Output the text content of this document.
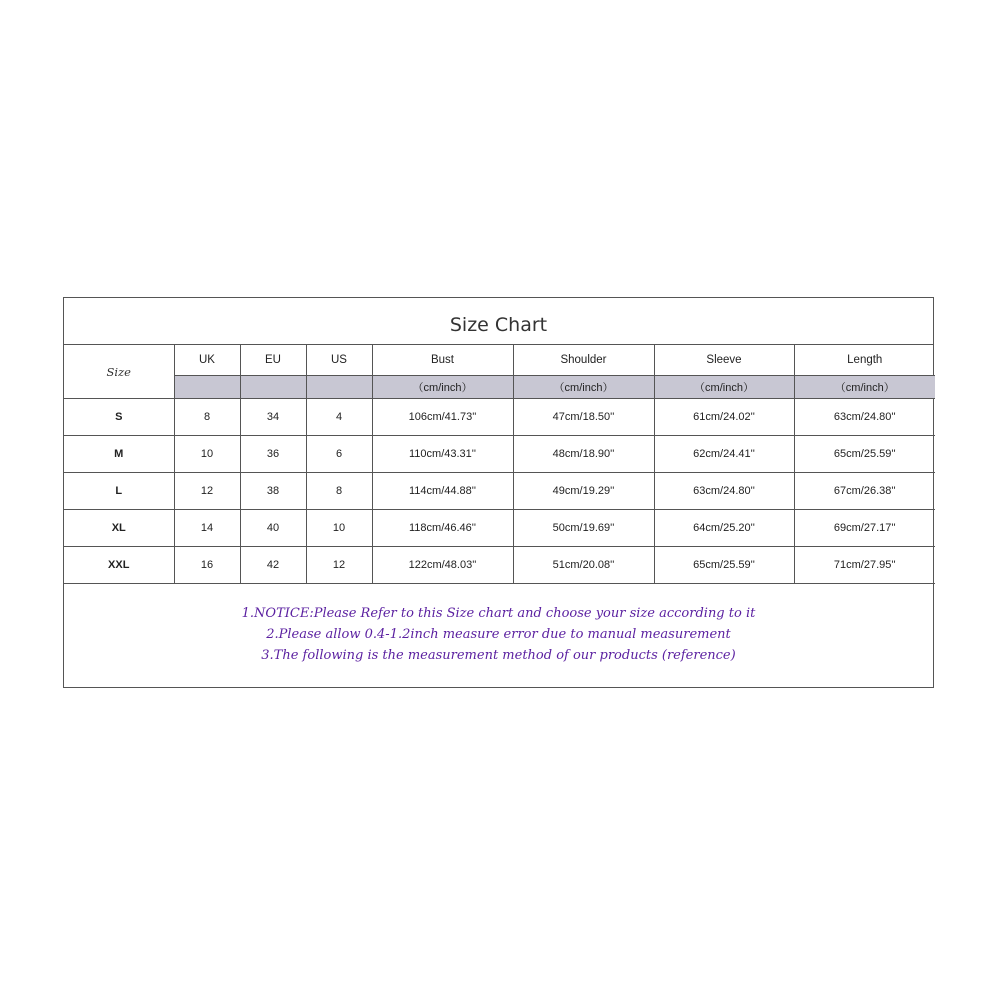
Size Chart
Size	UK	EU	US	Bust	Shoulder	Sleeve	Length
				（cm/inch）	（cm/inch）	（cm/inch）	（cm/inch）
S	8	34	4	106cm/41.73''	47cm/18.50''	61cm/24.02''	63cm/24.80''
M	10	36	6	110cm/43.31''	48cm/18.90''	62cm/24.41''	65cm/25.59''
L	12	38	8	114cm/44.88''	49cm/19.29''	63cm/24.80''	67cm/26.38''
XL	14	40	10	118cm/46.46''	50cm/19.69''	64cm/25.20''	69cm/27.17''
XXL	16	42	12	122cm/48.03''	51cm/20.08''	65cm/25.59''	71cm/27.95''
1.NOTICE:Please Refer to this Size chart and choose your size according to it
2.Please allow 0.4-1.2inch measure error due to manual measurement
3.The following is the measurement method of our products (reference)
